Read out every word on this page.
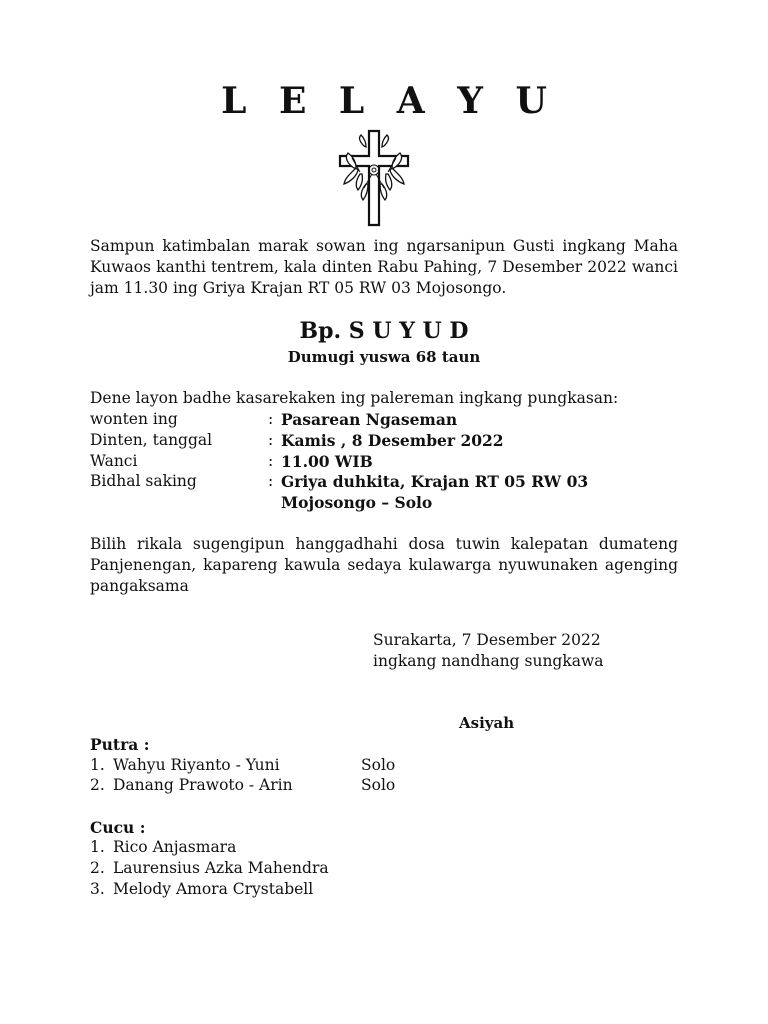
L E L A Y U
Sampun katimbalan marak sowan ing ngarsanipun Gusti ingkang Maha Kuwaos kanthi tentrem, kala dinten Rabu Pahing, 7 Desember 2022 wanci jam 11.30 ing Griya Krajan RT 05 RW 03 Mojosongo.
Bp. S U Y U D
Dumugi yuswa 68 taun
Dene layon badhe kasarekaken ing palereman ingkang pungkasan:
wonten ing	: Pasarean Ngaseman
Dinten, tanggal	: Kamis , 8 Desember 2022
Wanci	: 11.00 WIB
Bidhal saking	: Griya duhkita, Krajan RT 05 RW 03
Mojosongo – Solo
Bilih rikala sugengipun hanggadhahi dosa tuwin kalepatan dumateng Panjenengan, kapareng kawula sedaya kulawarga nyuwunaken agenging pangaksama
Surakarta, 7 Desember 2022
ingkang nandhang sungkawa
Asiyah
Putra :
1. Wahyu Riyanto - Yuni	Solo
2. Danang Prawoto - Arin	Solo
Cucu :
1. Rico Anjasmara
2. Laurensius Azka Mahendra
3. Melody Amora Crystabell
